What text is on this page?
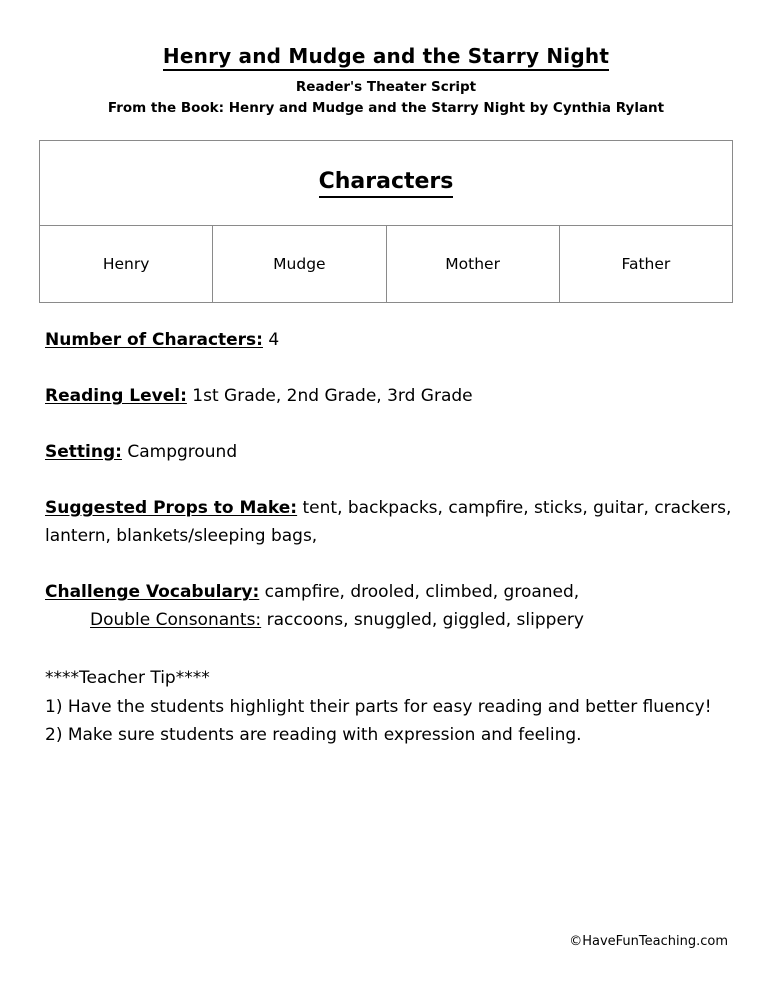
Henry and Mudge and the Starry Night
Reader's Theater Script
From the Book: Henry and Mudge and the Starry Night by Cynthia Rylant
Characters
Henry	Mudge	Mother	Father
Number of Characters: 4
Reading Level: 1st Grade, 2nd Grade, 3rd Grade
Setting: Campground
Suggested Props to Make: tent, backpacks, campfire, sticks, guitar, crackers, lantern, blankets/sleeping bags,
Challenge Vocabulary: campfire, drooled, climbed, groaned,
Double Consonants: raccoons, snuggled, giggled, slippery
****Teacher Tip****
1) Have the students highlight their parts for easy reading and better fluency!
2) Make sure students are reading with expression and feeling.
©HaveFunTeaching.com
